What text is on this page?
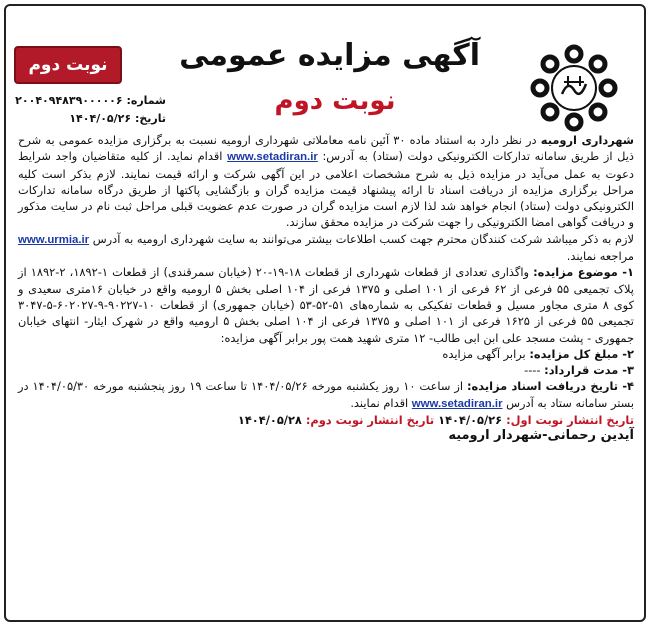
نوبت دوم
شماره: ۲۰۰۴۰۹۴۸۳۹۰۰۰۰۰۶
تاریخ: ۱۴۰۴/۰۵/۲۶
آگهی مزایده عمومی
نوبت دوم

شهرداری ارومیه در نظر دارد به استناد ماده ۳۰ آئین نامه معاملاتی شهرداری ارومیه نسبت به برگزاری مزایده عمومی به شرح ذیل از طریق سامانه تدارکات الکترونیکی دولت (ستاد) به آدرس: www.setadiran.ir اقدام نماید. از کلیه متقاضیان واجد شرایط دعوت به عمل می‌آید در مزایده ذیل به شرح مشخصات اعلامی در این آگهی شرکت و ارائه قیمت نمایند. لازم بذکر است کلیه مراحل برگزاری مزایده از دریافت اسناد تا ارائه پیشنهاد قیمت مزایده گران و بازگشایی پاکتها از طریق درگاه سامانه تدارکات الکترونیکی دولت (ستاد) انجام خواهد شد لذا لازم است مزایده گران در صورت عدم عضویت قبلی مراحل ثبت نام در سایت مذکور و دریافت گواهی امضا الکترونیکی را جهت شرکت در مزایده محقق سازند.

لازم به ذکر میباشد شرکت کنندگان محترم جهت کسب اطلاعات بیشتر می‌توانند به سایت شهرداری ارومیه به آدرس www.urmia.ir مراجعه نمایند.

۱- موضوع مزایده: واگذاری تعدادی از قطعات شهرداری از قطعات ۱۸-۱۹-۲۰ (خیابان سمرقندی) از قطعات ۱-۱۸۹۲، ۲-۱۸۹۲ از پلاک تجمیعی ۵۵ فرعی از ۶۲ فرعی از ۱۰۱ اصلی و ۱۳۷۵ فرعی از ۱۰۴ اصلی بخش ۵ ارومیه واقع در خیابان ۱۶متری سعیدی و کوی ۸ متری مجاور مسیل و قطعات تفکیکی به شماره‌های ۵۱-۵۲-۵۳ (خیابان جمهوری) از قطعات ۱۰-۹۰۲۲۷-۹-۶۰۲۰۲۷-۵-۳۰۴۷ تجمیعی ۵۵ فرعی از ۱۶۲۵ فرعی از ۱۰۱ اصلی و ۱۳۷۵ فرعی از ۱۰۴ اصلی بخش ۵ ارومیه واقع در شهرک ایثار- انتهای خیابان جمهوری - پشت مسجد علی ابن ابی طالب- ۱۲ متری شهید همت پور برابر آگهی مزایده:

۲- مبلغ کل مزایده: برابر آگهی مزایده

۳- مدت قرارداد: ----

۴- تاریخ دریافت اسناد مزایده: از ساعت ۱۰ روز یکشنبه مورخه ۱۴۰۴/۰۵/۲۶ تا ساعت ۱۹ روز پنجشنبه مورخه ۱۴۰۴/۰۵/۳۰ در بستر سامانه ستاد به آدرس www.setadiran.ir اقدام نمایند.

تاریخ انتشار نوبت اول: ۱۴۰۴/۰۵/۲۶ تاریخ انتشار نوبت دوم: ۱۴۰۴/۰۵/۲۸

آیدین رحمانی-شهردار ارومیه
